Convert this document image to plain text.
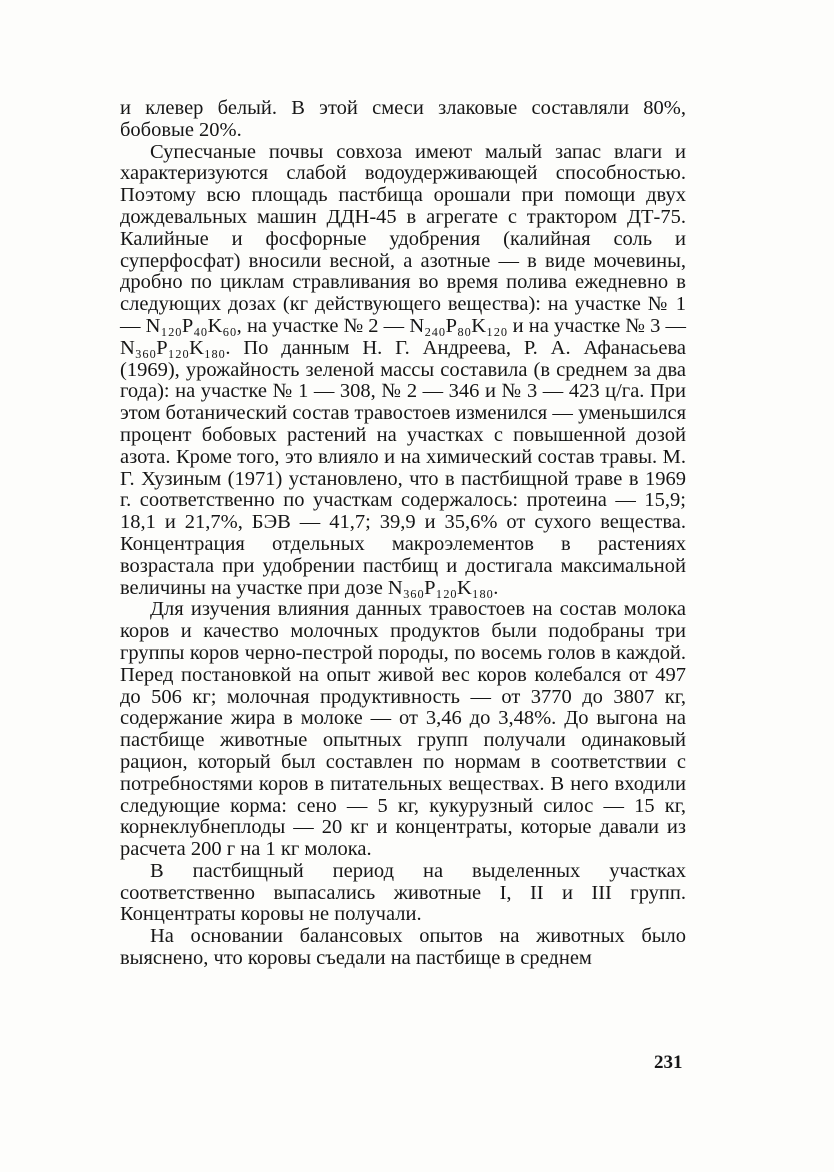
и клевер белый. В этой смеси злаковые составляли 80%, бобовые 20%.

Супесчаные почвы совхоза имеют малый запас влаги и характеризуются слабой водоудерживающей способностью. Поэтому всю площадь пастбища орошали при помощи двух дождевальных машин ДДН-45 в агрегате с трактором ДТ-75. Калийные и фосфорные удобрения (калийная соль и суперфосфат) вносили весной, а азотные — в виде мочевины, дробно по циклам стравливания во время полива ежедневно в следующих дозах (кг действующего вещества): на участке № 1 — N₁₂₀P₄₀K₆₀, на участке № 2 — N₂₄₀P₈₀K₁₂₀ и на участке № 3 — N₃₆₀P₁₂₀K₁₈₀. По данным Н. Г. Андреева, Р. А. Афанасьева (1969), урожайность зеленой массы составила (в среднем за два года): на участке № 1 — 308, № 2 — 346 и № 3 — 423 ц/га. При этом ботанический состав травостоев изменился — уменьшился процент бобовых растений на участках с повышенной дозой азота. Кроме того, это влияло и на химический состав травы. М. Г. Хузиным (1971) установлено, что в пастбищной траве в 1969 г. соответственно по участкам содержалось: протеина — 15,9; 18,1 и 21,7%, БЭВ — 41,7; 39,9 и 35,6% от сухого вещества. Концентрация отдельных макроэлементов в растениях возрастала при удобрении пастбищ и достигала максимальной величины на участке при дозе N₃₆₀P₁₂₀K₁₈₀.

Для изучения влияния данных травостоев на состав молока коров и качество молочных продуктов были подобраны три группы коров черно-пестрой породы, по восемь голов в каждой. Перед постановкой на опыт живой вес коров колебался от 497 до 506 кг; молочная продуктивность — от 3770 до 3807 кг, содержание жира в молоке — от 3,46 до 3,48%. До выгона на пастбище животные опытных групп получали одинаковый рацион, который был составлен по нормам в соответствии с потребностями коров в питательных веществах. В него входили следующие корма: сено — 5 кг, кукурузный силос — 15 кг, корнеклубнеплоды — 20 кг и концентраты, которые давали из расчета 200 г на 1 кг молока.

В пастбищный период на выделенных участках соответственно выпасались животные I, II и III групп. Концентраты коровы не получали.

На основании балансовых опытов на животных было выяснено, что коровы съедали на пастбище в среднем

231
